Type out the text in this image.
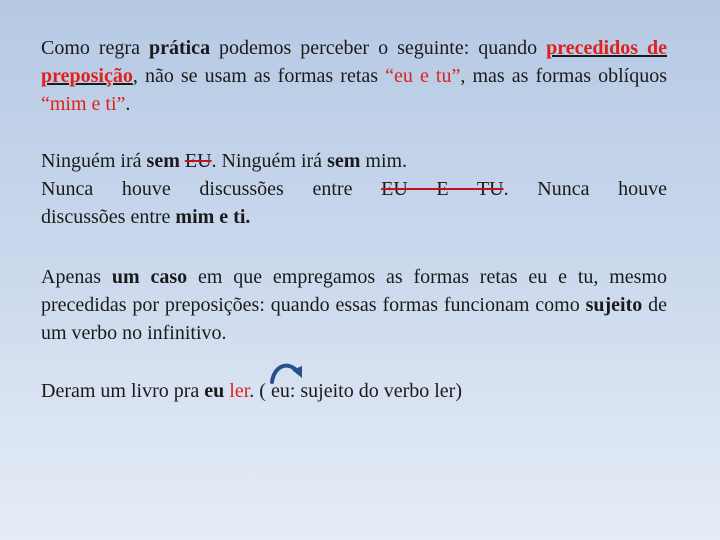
Como regra prática podemos perceber o seguinte: quando precedidos de preposição, não se usam as formas retas “eu e tu”, mas as formas oblíquos “mim e ti”.
Ninguém irá sem EU. Ninguém irá sem mim.
Nunca houve discussões entre EU E TU. Nunca houve
discussões entre mim e ti.
Apenas um caso em que empregamos as formas retas eu e tu, mesmo precedidas por preposições: quando essas formas funcionam como sujeito de um verbo no infinitivo.
Deram um livro pra eu ler. ( eu: sujeito do verbo ler)
